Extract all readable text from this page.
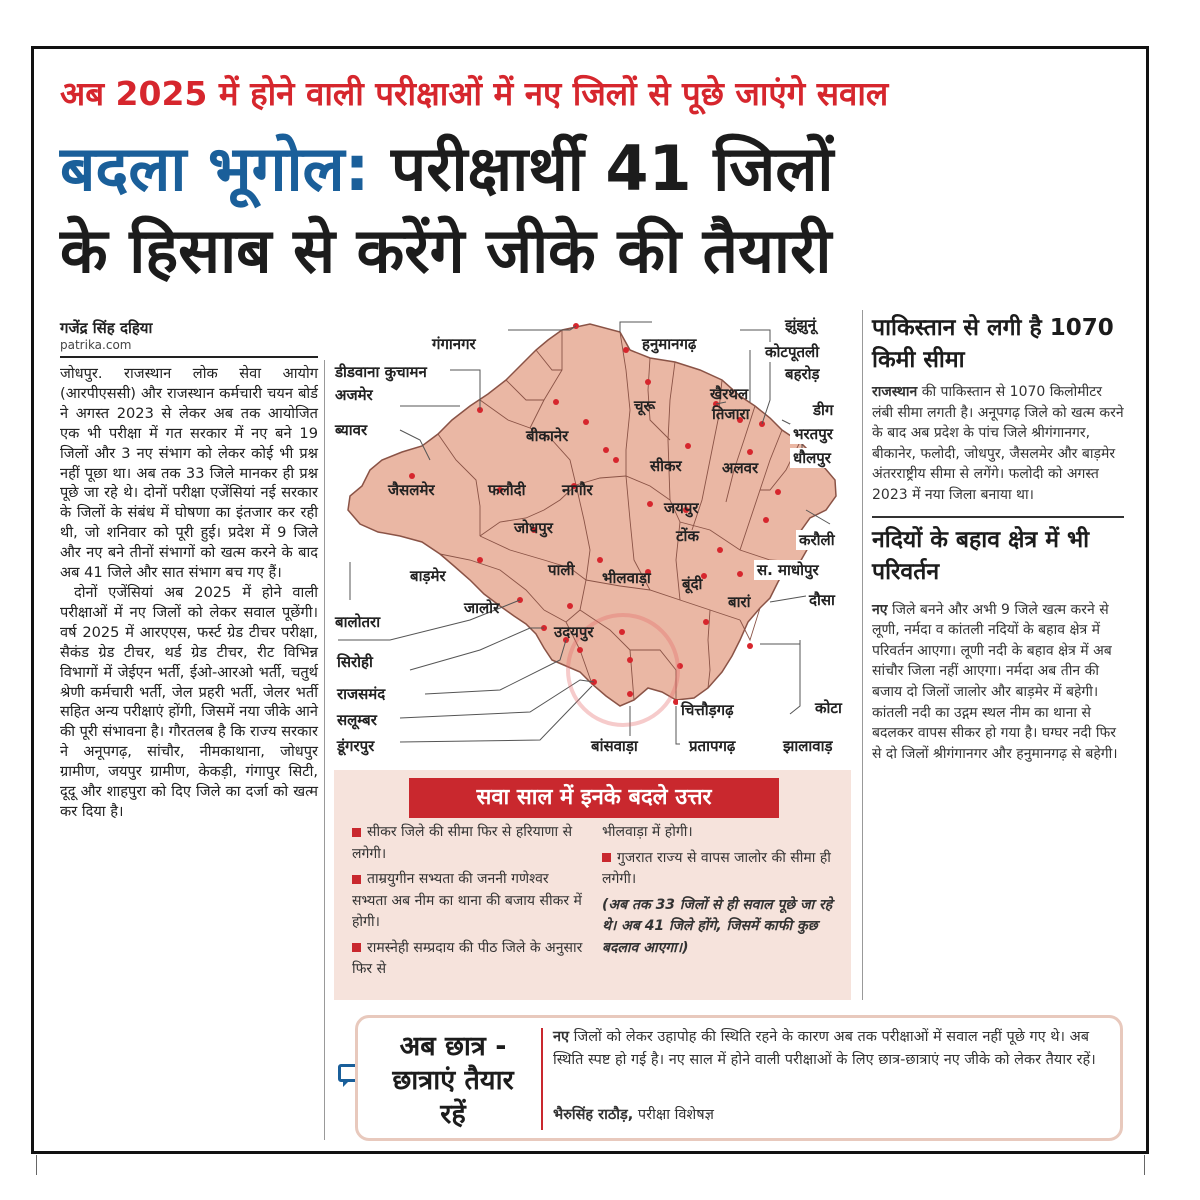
अब 2025 में होने वाली परीक्षाओं में नए जिलों से पूछे जाएंगे सवाल
बदला भूगोल: परीक्षार्थी 41 जिलों
के हिसाब से करेंगे जीके की तैयारी
गजेंद्र सिंह दहिया
patrika.com

जोधपुर. राजस्थान लोक सेवा आयोग (आरपीएससी) और राजस्थान कर्मचारी चयन बोर्ड ने अगस्त 2023 से लेकर अब तक आयोजित एक भी परीक्षा में गत सरकार में नए बने 19 जिलों और 3 नए संभाग को लेकर कोई भी प्रश्न नहीं पूछा था। अब तक 33 जिले मानकर ही प्रश्न पूछे जा रहे थे। दोनों परीक्षा एजेंसियां नई सरकार के जिलों के संबंध में घोषणा का इंतजार कर रही थी, जो शनिवार को पूरी हुई। प्रदेश में 9 जिले और नए बने तीनों संभागों को खत्म करने के बाद अब 41 जिले और सात संभाग बच गए हैं।

दोनों एजेंसियां अब 2025 में होने वाली परीक्षाओं में नए जिलों को लेकर सवाल पूछेंगी। वर्ष 2025 में आरएएस, फर्स्ट ग्रेड टीचर परीक्षा, सैकंड ग्रेड टीचर, थर्ड ग्रेड टीचर, रीट विभिन्न विभागों में जेईएन भर्ती, ईओ-आरओ भर्ती, चतुर्थ श्रेणी कर्मचारी भर्ती, जेल प्रहरी भर्ती, जेलर भर्ती सहित अन्य परीक्षाएं होंगी, जिसमें नया जीके आने की पूरी संभावना है। गौरतलब है कि राज्य सरकार ने अनूपगढ़, सांचौर, नीमकाथाना, जोधपुर ग्रामीण, जयपुर ग्रामीण, केकड़ी, गंगापुर सिटी, दूदू और शाहपुरा को दिए जिले का दर्जा को खत्म कर दिया है।

गंगानगर	हनुमानगढ़
झुंझुनूं
कोटपूतली
बहरोड़
डीडवाना कुचामन
अजमेर
ब्यावर
खैरथल
तिजारा	डीग
भरतपुर
धौलपुर
चूरू
बीकानेर
सीकर	अलवर
जैसलमेर	फलौदी नागौर
जयपुर
जोधपुर	टोंक	करौली
बाड़मेर	पाली भीलवाड़ा बूंदी
स. माधोपुर
दौसा
बारां
जालोर
बालोतरा
उदयपुर
सिरोही
राजसमंद
सलूम्बर
डूंगरपुर
चित्तौड़गढ़	कोटा
बांसवाड़ा	प्रतापगढ़	झालावाड़
पाकिस्तान से लगी है 1070 किमी सीमा
राजस्थान की पाकिस्तान से 1070 किलोमीटर लंबी सीमा लगती है। अनूपगढ़ जिले को खत्म करने के बाद अब प्रदेश के पांच जिले श्रीगंगानगर, बीकानेर, फलोदी, जोधपुर, जैसलमेर और बाड़मेर अंतरराष्ट्रीय सीमा से लगेंगे। फलोदी को अगस्त 2023 में नया जिला बनाया था।
नदियों के बहाव क्षेत्र में भी परिवर्तन
नए जिले बनने और अभी 9 जिले खत्म करने से लूणी, नर्मदा व कांतली नदियों के बहाव क्षेत्र में परिवर्तन आएगा। लूणी नदी के बहाव क्षेत्र में अब सांचौर जिला नहीं आएगा। नर्मदा अब तीन की बजाय दो जिलों जालोर और बाड़मेर में बहेगी। कांतली नदी का उद्गम स्थल नीम का थाना से बदलकर वापस सीकर हो गया है। घग्घर नदी फिर से दो जिलों श्रीगंगानगर और हनुमानगढ़ से बहेगी।
सवा साल में इनके बदले उत्तर
सीकर जिले की सीमा फिर से हरियाणा से लगेगी।
ताम्रयुगीन सभ्यता की जननी गणेश्वर सभ्यता अब नीम का थाना की बजाय सीकर में होगी।
रामस्नेही सम्प्रदाय की पीठ जिले के अनुसार फिर से
भीलवाड़ा में होगी।
गुजरात राज्य से वापस जालोर की सीमा ही लगेगी।
(अब तक 33 जिलों से ही सवाल पूछे जा रहे थे। अब 41 जिले होंगे, जिसमें काफी कुछ बदलाव आएगा।)
अब छात्र - छात्राएं तैयार रहें
नए जिलों को लेकर उहापोह की स्थिति रहने के कारण अब तक परीक्षाओं में सवाल नहीं पूछे गए थे। अब स्थिति स्पष्ट हो गई है। नए साल में होने वाली परीक्षाओं के लिए छात्र-छात्राएं नए जीके को लेकर तैयार रहें।
भैरुसिंह राठौड़, परीक्षा विशेषज्ञ
